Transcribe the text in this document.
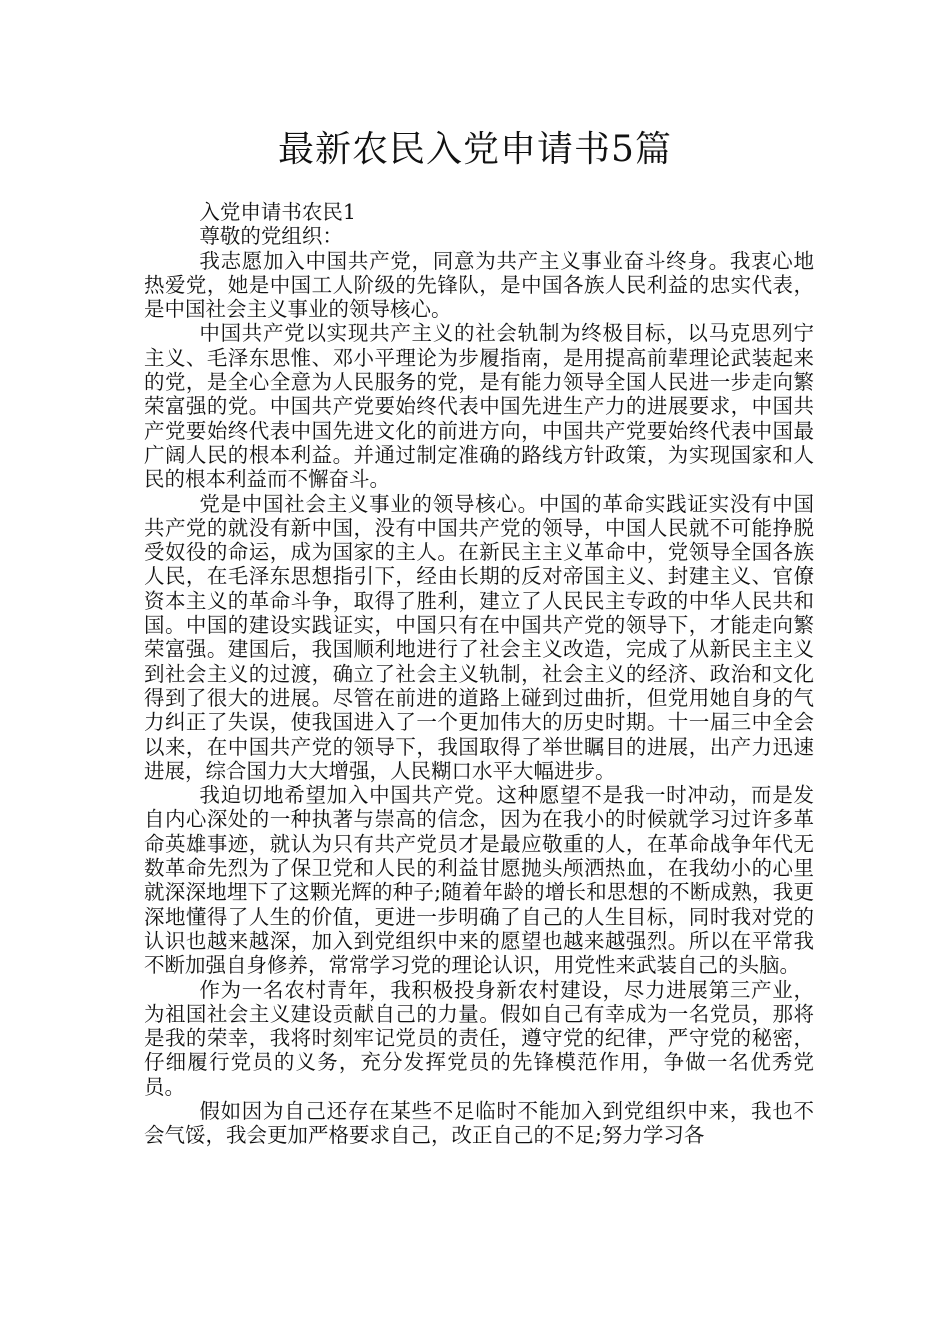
最新农民入党申请书5篇

入党申请书农民1

尊敬的党组织：

我志愿加入中国共产党，同意为共产主义事业奋斗终身。我衷心地热爱党，她是中国工人阶级的先锋队，是中国各族人民利益的忠实代表，是中国社会主义事业的领导核心。

中国共产党以实现共产主义的社会轨制为终极目标，以马克思列宁主义、毛泽东思惟、邓小平理论为步履指南，是用提高前辈理论武装起来的党，是全心全意为人民服务的党，是有能力领导全国人民进一步走向繁荣富强的党。中国共产党要始终代表中国先进生产力的进展要求，中国共产党要始终代表中国先进文化的前进方向，中国共产党要始终代表中国最广阔人民的根本利益。并通过制定准确的路线方针政策，为实现国家和人民的根本利益而不懈奋斗。

党是中国社会主义事业的领导核心。中国的革命实践证实没有中国共产党的就没有新中国，没有中国共产党的领导，中国人民就不可能挣脱受奴役的命运，成为国家的主人。在新民主主义革命中，党领导全国各族人民，在毛泽东思想指引下，经由长期的反对帝国主义、封建主义、官僚资本主义的革命斗争，取得了胜利，建立了人民民主专政的中华人民共和国。中国的建设实践证实，中国只有在中国共产党的领导下，才能走向繁荣富强。建国后，我国顺利地进行了社会主义改造，完成了从新民主主义到社会主义的过渡，确立了社会主义轨制，社会主义的经济、政治和文化得到了很大的进展。尽管在前进的道路上碰到过曲折，但党用她自身的气力纠正了失误，使我国进入了一个更加伟大的历史时期。十一届三中全会以来，在中国共产党的领导下，我国取得了举世瞩目的进展，出产力迅速进展，综合国力大大增强，人民糊口水平大幅进步。

我迫切地希望加入中国共产党。这种愿望不是我一时冲动，而是发自内心深处的一种执著与崇高的信念，因为在我小的时候就学习过许多革命英雄事迹，就认为只有共产党员才是最应敬重的人，在革命战争年代无数革命先烈为了保卫党和人民的利益甘愿抛头颅洒热血，在我幼小的心里就深深地埋下了这颗光辉的种子;随着年龄的增长和思想的不断成熟，我更深地懂得了人生的价值，更进一步明确了自己的人生目标，同时我对党的认识也越来越深，加入到党组织中来的愿望也越来越强烈。所以在平常我不断加强自身修养，常常学习党的理论认识，用党性来武装自己的头脑。

作为一名农村青年，我积极投身新农村建设，尽力进展第三产业，为祖国社会主义建设贡献自己的力量。假如自己有幸成为一名党员，那将是我的荣幸，我将时刻牢记党员的责任，遵守党的纪律，严守党的秘密，仔细履行党员的义务，充分发挥党员的先锋模范作用，争做一名优秀党员。

假如因为自己还存在某些不足临时不能加入到党组织中来，我也不会气馁，我会更加严格要求自己，改正自己的不足;努力学习各
